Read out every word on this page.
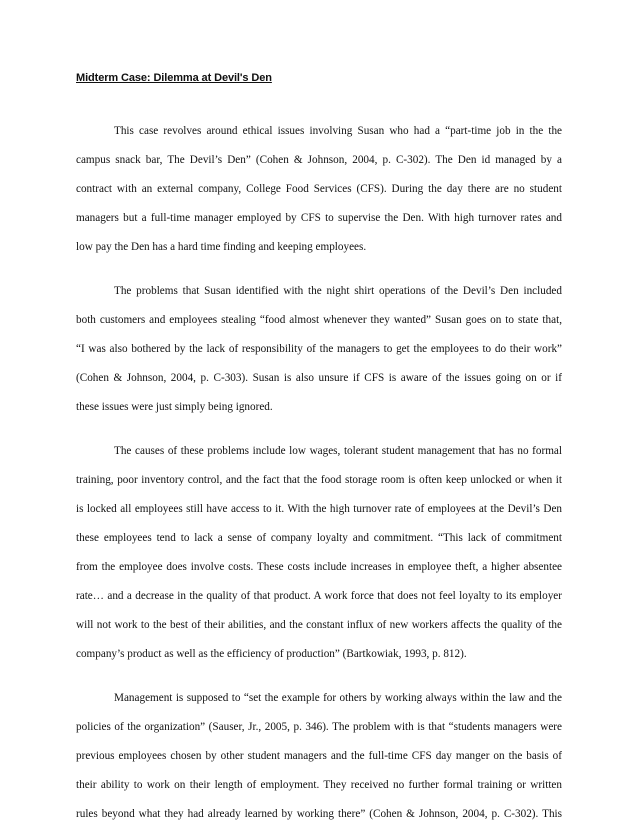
Midterm Case: Dilemma at Devil's Den

This case revolves around ethical issues involving Susan who had a “part-time job in the the
campus snack bar, The Devil’s Den” (Cohen & Johnson, 2004, p. C-302). The Den id managed by a
contract with an external company, College Food Services (CFS). During the day there are no student
managers but a full-time manager employed by CFS to supervise the Den. With high turnover rates and
low pay the Den has a hard time finding and keeping employees.

The problems that Susan identified with the night shirt operations of the Devil’s Den included
both customers and employees stealing “food almost whenever they wanted” Susan goes on to state that,
“I was also bothered by the lack of responsibility of the managers to get the employees to do their work”
(Cohen & Johnson, 2004, p. C-303). Susan is also unsure if CFS is aware of the issues going on or if
these issues were just simply being ignored.

The causes of these problems include low wages, tolerant student management that has no formal
training, poor inventory control, and the fact that the food storage room is often keep unlocked or when it
is locked all employees still have access to it. With the high turnover rate of employees at the Devil’s Den
these employees tend to lack a sense of company loyalty and commitment. “This lack of commitment
from the employee does involve costs. These costs include increases in employee theft, a higher absentee
rate… and a decrease in the quality of that product. A work force that does not feel loyalty to its employer
will not work to the best of their abilities, and the constant influx of new workers affects the quality of the
company’s product as well as the efficiency of production” (Bartkowiak, 1993, p. 812).

Management is supposed to “set the example for others by working always within the law and the
policies of the organization” (Sauser, Jr., 2005, p. 346). The problem with is that “students managers were
previous employees chosen by other student managers and the full-time CFS day manger on the basis of
their ability to work on their length of employment. They received no further formal training or written
rules beyond what they had already learned by working there” (Cohen & Johnson, 2004, p. C-302). This
